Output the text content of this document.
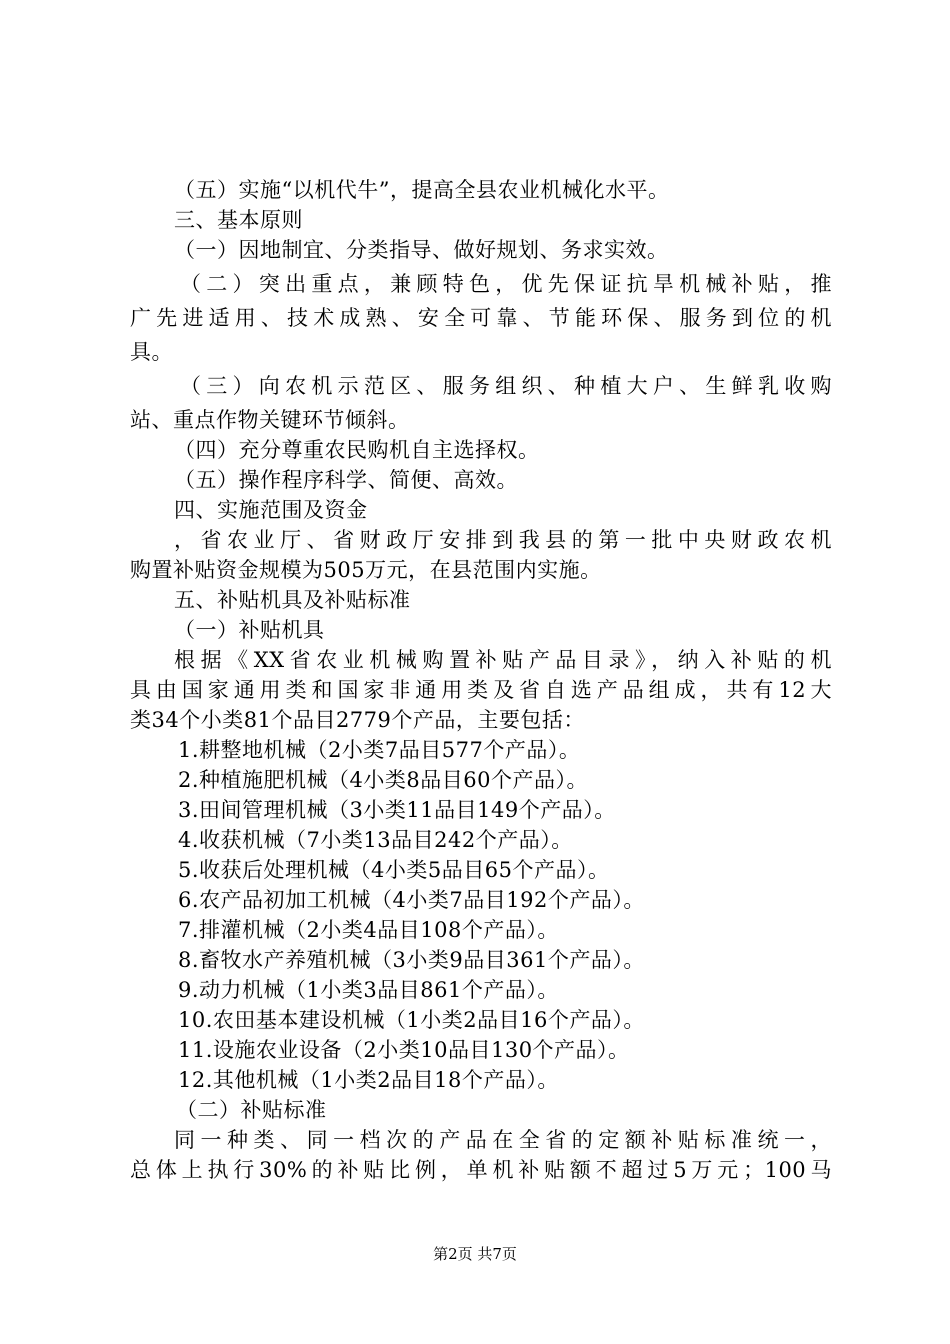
（五）实施“以机代牛”，提高全县农业机械化水平。
三、基本原则
（一）因地制宜、分类指导、做好规划、务求实效。
（二）突出重点，兼顾特色，优先保证抗旱机械补贴，推
广先进适用、技术成熟、安全可靠、节能环保、服务到位的机
具。
（三）向农机示范区、服务组织、种植大户、生鲜乳收购
站、重点作物关键环节倾斜。
（四）充分尊重农民购机自主选择权。
（五）操作程序科学、简便、高效。
四、实施范围及资金
，省农业厅、省财政厅安排到我县的第一批中央财政农机
购置补贴资金规模为505万元，在县范围内实施。
五、补贴机具及补贴标准
（一）补贴机具
根据《XX省农业机械购置补贴产品目录》，纳入补贴的机
具由国家通用类和国家非通用类及省自选产品组成，共有12大
类34个小类81个品目2779个产品，主要包括：
1.耕整地机械（2小类7品目577个产品）。
2.种植施肥机械（4小类8品目60个产品）。
3.田间管理机械（3小类11品目149个产品）。
4.收获机械（7小类13品目242个产品）。
5.收获后处理机械（4小类5品目65个产品）。
6.农产品初加工机械（4小类7品目192个产品）。
7.排灌机械（2小类4品目108个产品）。
8.畜牧水产养殖机械（3小类9品目361个产品）。
9.动力机械（1小类3品目861个产品）。
10.农田基本建设机械（1小类2品目16个产品）。
11.设施农业设备（2小类10品目130个产品）。
12.其他机械（1小类2品目18个产品）。
（二）补贴标准
同一种类、同一档次的产品在全省的定额补贴标准统一，
总体上执行30%的补贴比例，单机补贴额不超过5万元；100马
第2页 共7页
